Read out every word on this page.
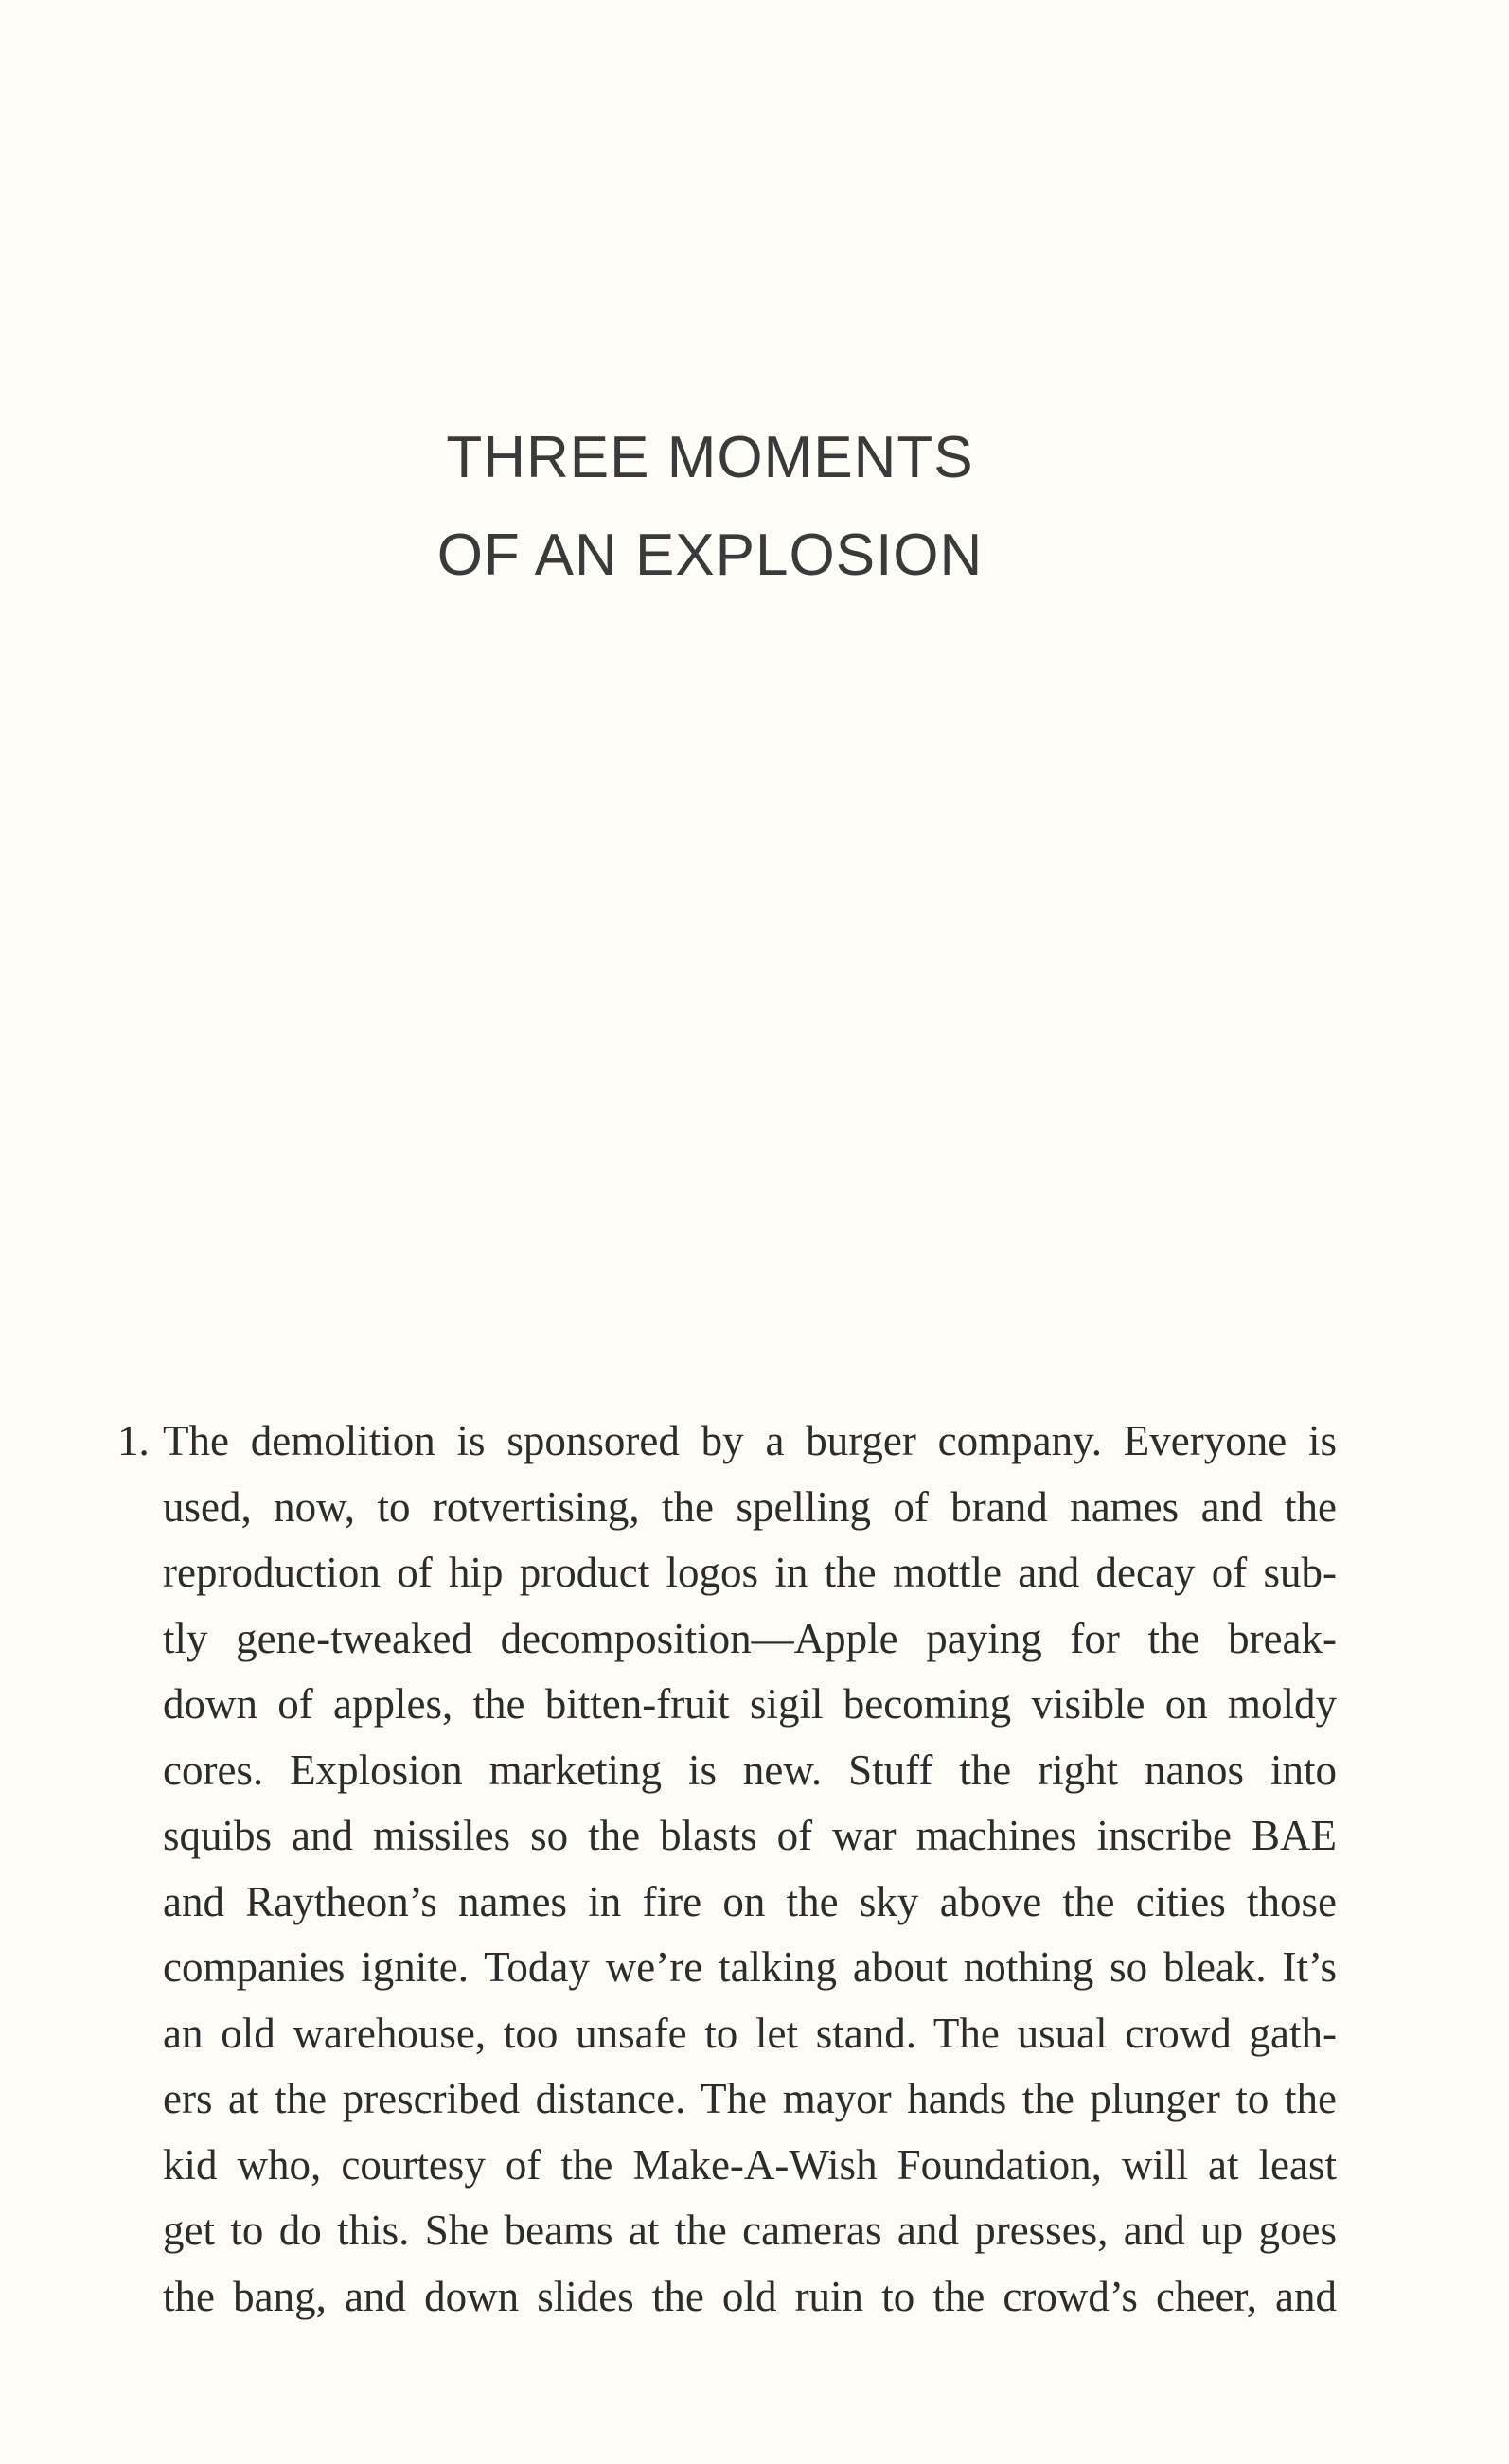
THREE MOMENTS
OF AN EXPLOSION
1. The demolition is sponsored by a burger company. Everyone is
used, now, to rotvertising, the spelling of brand names and the
reproduction of hip product logos in the mottle and decay of sub-
tly gene-tweaked decomposition—Apple paying for the break-
down of apples, the bitten-fruit sigil becoming visible on moldy
cores. Explosion marketing is new. Stuff the right nanos into
squibs and missiles so the blasts of war machines inscribe BAE
and Raytheon’s names in fire on the sky above the cities those
companies ignite. Today we’re talking about nothing so bleak. It’s
an old warehouse, too unsafe to let stand. The usual crowd gath-
ers at the prescribed distance. The mayor hands the plunger to the
kid who, courtesy of the Make-A-Wish Foundation, will at least
get to do this. She beams at the cameras and presses, and up goes
the bang, and down slides the old ruin to the crowd’s cheer, and
